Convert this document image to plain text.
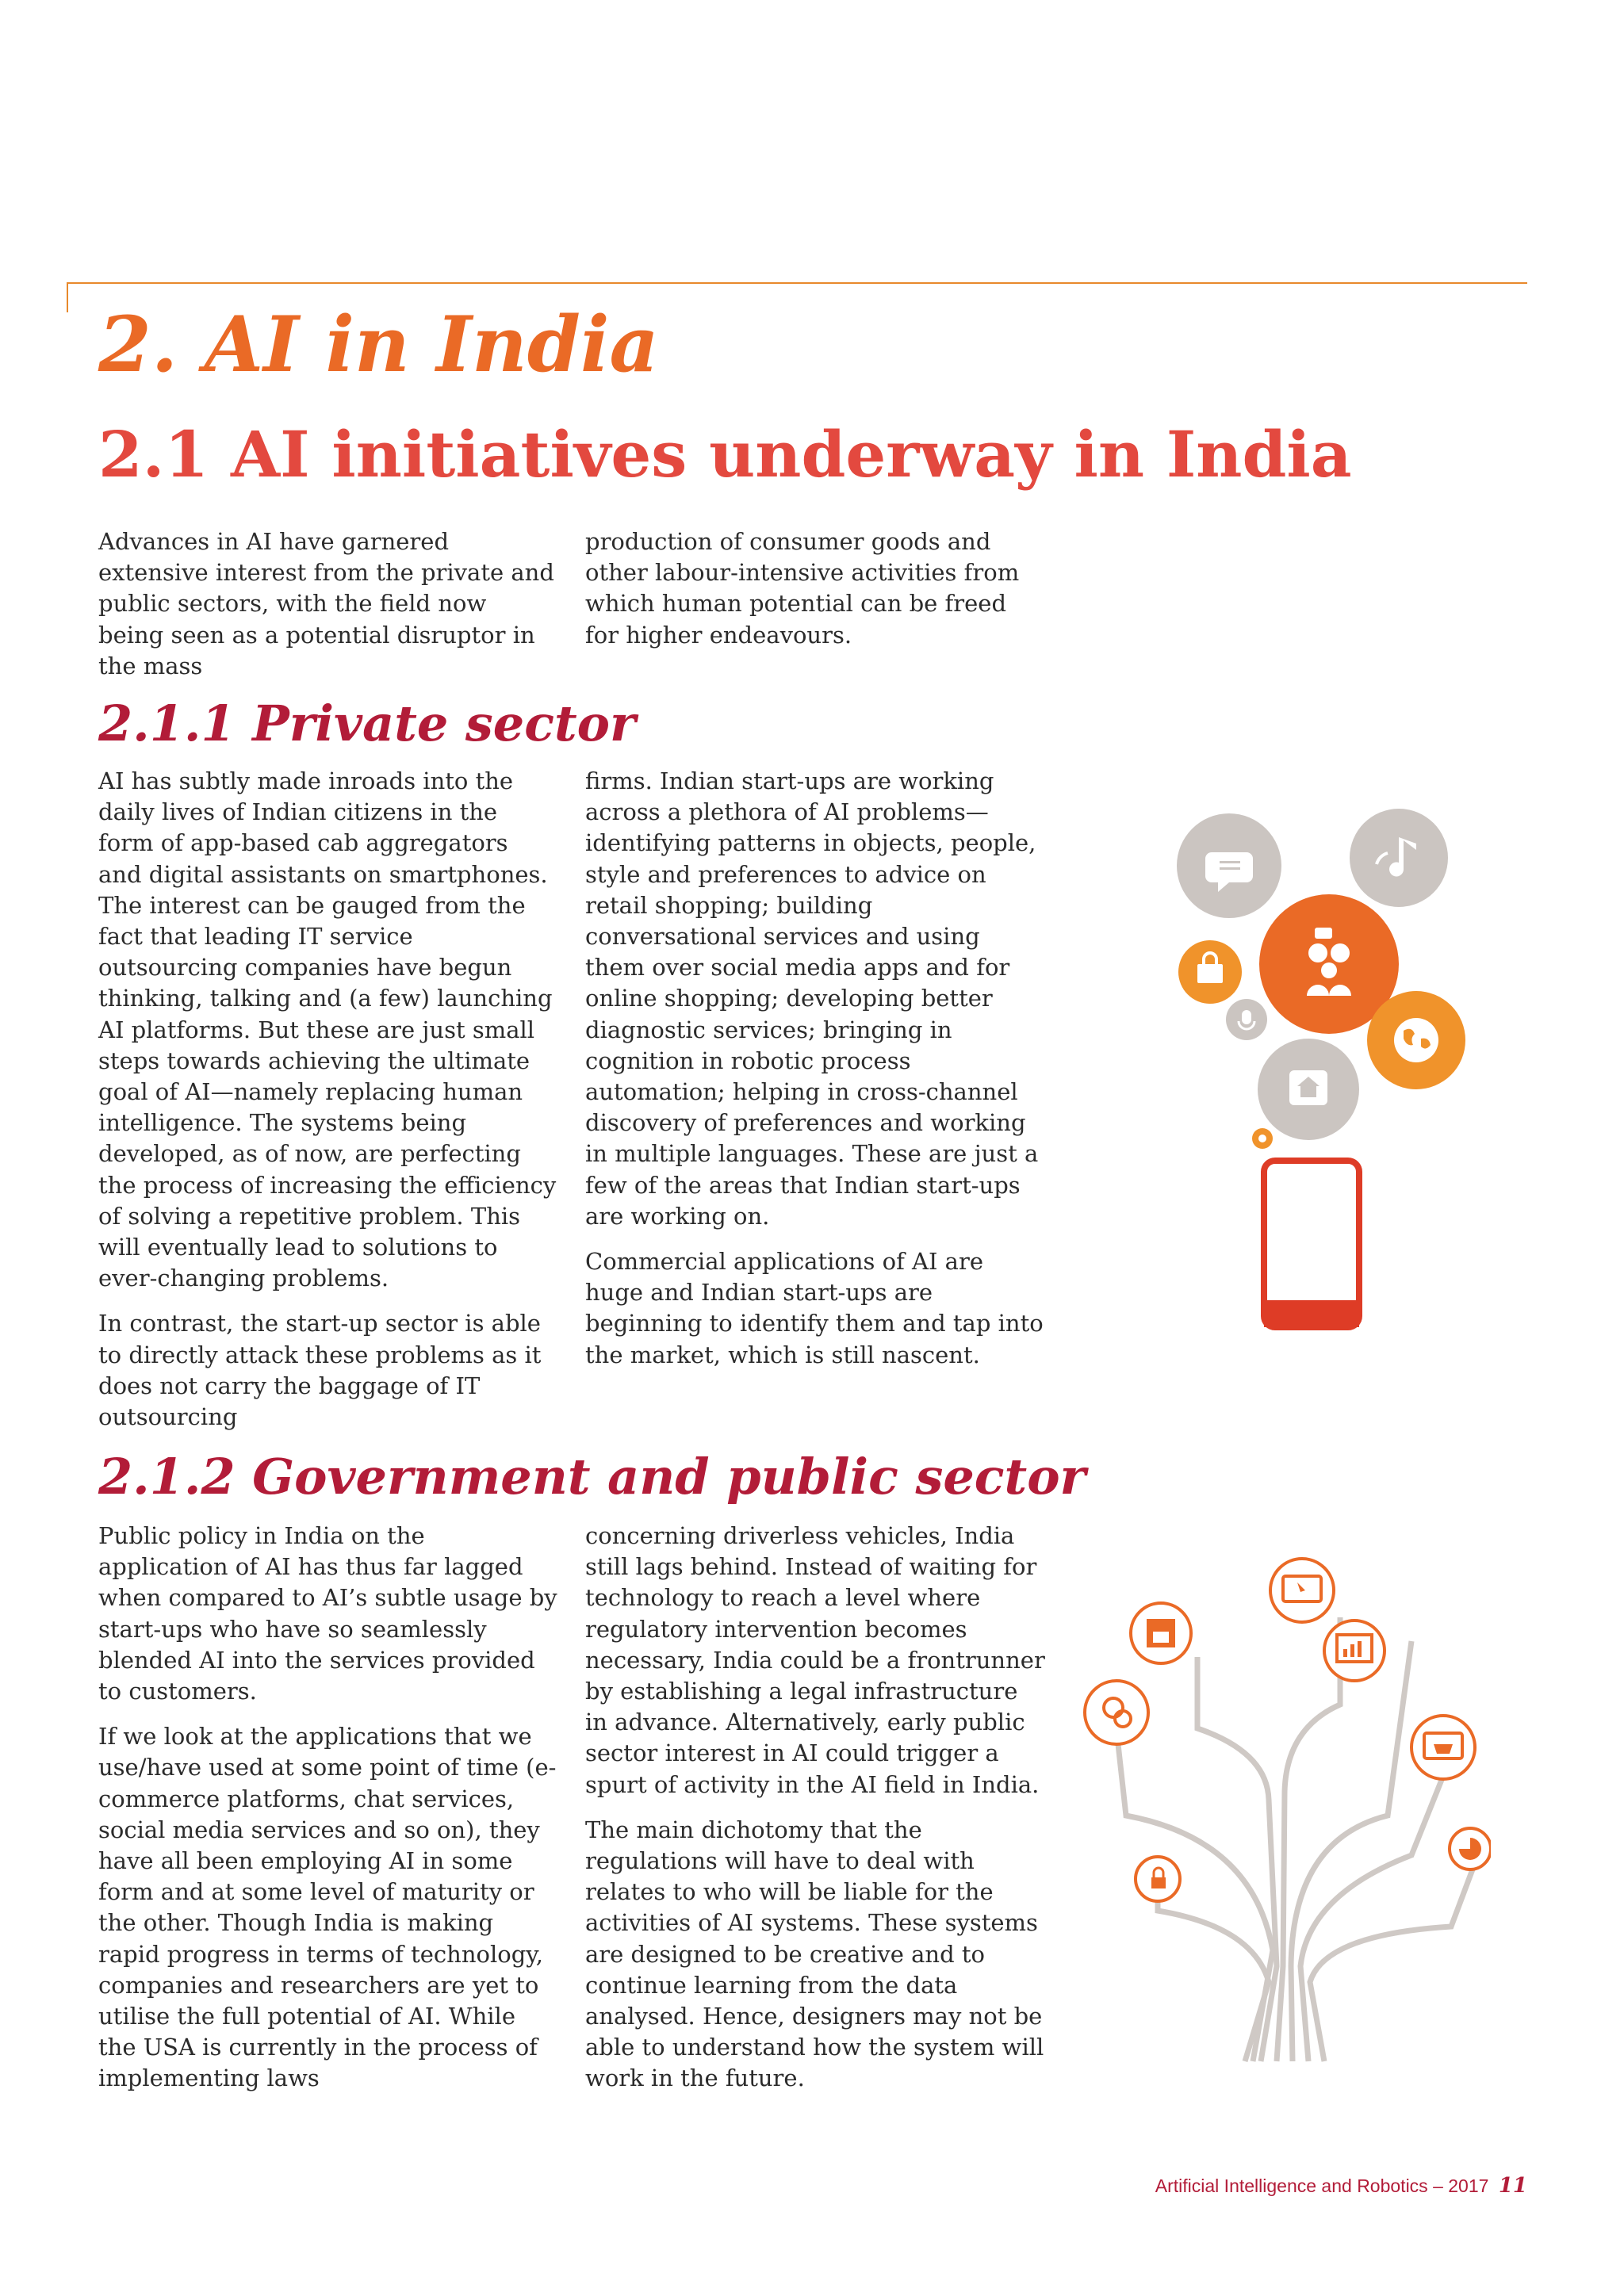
2. AI in India
2.1 AI initiatives underway in India

Advances in AI have garnered extensive interest from the private and public sectors, with the field now being seen as a potential disruptor in the mass

production of consumer goods and other labour-intensive activities from which human potential can be freed for higher endeavours.

2.1.1 Private sector

AI has subtly made inroads into the daily lives of Indian citizens in the form of app-based cab aggregators and digital assistants on smartphones. The interest can be gauged from the fact that leading IT service outsourcing companies have begun thinking, talking and (a few) launching AI platforms. But these are just small steps towards achieving the ultimate goal of AI—namely replacing human intelligence. The systems being developed, as of now, are perfecting the process of increasing the efficiency of solving a repetitive problem. This will eventually lead to solutions to ever-changing problems.

In contrast, the start-up sector is able to directly attack these problems as it does not carry the baggage of IT outsourcing

firms. Indian start-ups are working across a plethora of AI problems—identifying patterns in objects, people, style and preferences to advice on retail shopping; building conversational services and using them over social media apps and for online shopping; developing better diagnostic services; bringing in cognition in robotic process automation; helping in cross-channel discovery of preferences and working in multiple languages. These are just a few of the areas that Indian start-ups are working on.

Commercial applications of AI are huge and Indian start-ups are beginning to identify them and tap into the market, which is still nascent.

2.1.2 Government and public sector

Public policy in India on the application of AI has thus far lagged when compared to AI’s subtle usage by start-ups who have so seamlessly blended AI into the services provided to customers.

If we look at the applications that we use/have used at some point of time (e-commerce platforms, chat services, social media services and so on), they have all been employing AI in some form and at some level of maturity or the other. Though India is making rapid progress in terms of technology, companies and researchers are yet to utilise the full potential of AI. While the USA is currently in the process of implementing laws

concerning driverless vehicles, India still lags behind. Instead of waiting for technology to reach a level where regulatory intervention becomes necessary, India could be a frontrunner by establishing a legal infrastructure in advance. Alternatively, early public sector interest in AI could trigger a spurt of activity in the AI field in India.

The main dichotomy that the regulations will have to deal with relates to who will be liable for the activities of AI systems. These systems are designed to be creative and to continue learning from the data analysed. Hence, designers may not be able to understand how the system will work in the future.

Artificial Intelligence and Robotics – 2017 11
